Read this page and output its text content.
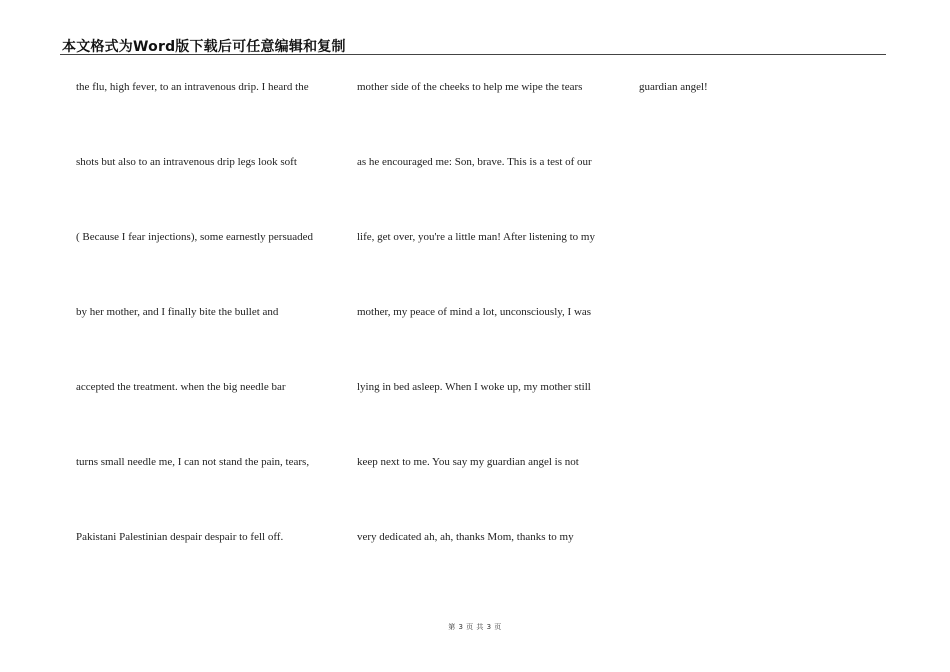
本文格式为Word版下载后可任意编辑和复制
the flu, high fever, to an intravenous drip. I heard the
shots but also to an intravenous drip legs look soft
( Because I fear injections), some earnestly persuaded
by her mother, and I finally bite the bullet and
accepted the treatment. when the big needle bar
turns small needle me, I can not stand the pain, tears,
Pakistani Palestinian despair despair to fell off.
mother side of the cheeks to help me wipe the tears
as he encouraged me: Son, brave. This is a test of our
life, get over, you're a little man! After listening to my
mother, my peace of mind a lot, unconsciously, I was
lying in bed asleep. When I woke up, my mother still
keep next to me. You say my guardian angel is not
very dedicated ah, ah, thanks Mom, thanks to my
guardian angel!
第 3 页 共 3 页
